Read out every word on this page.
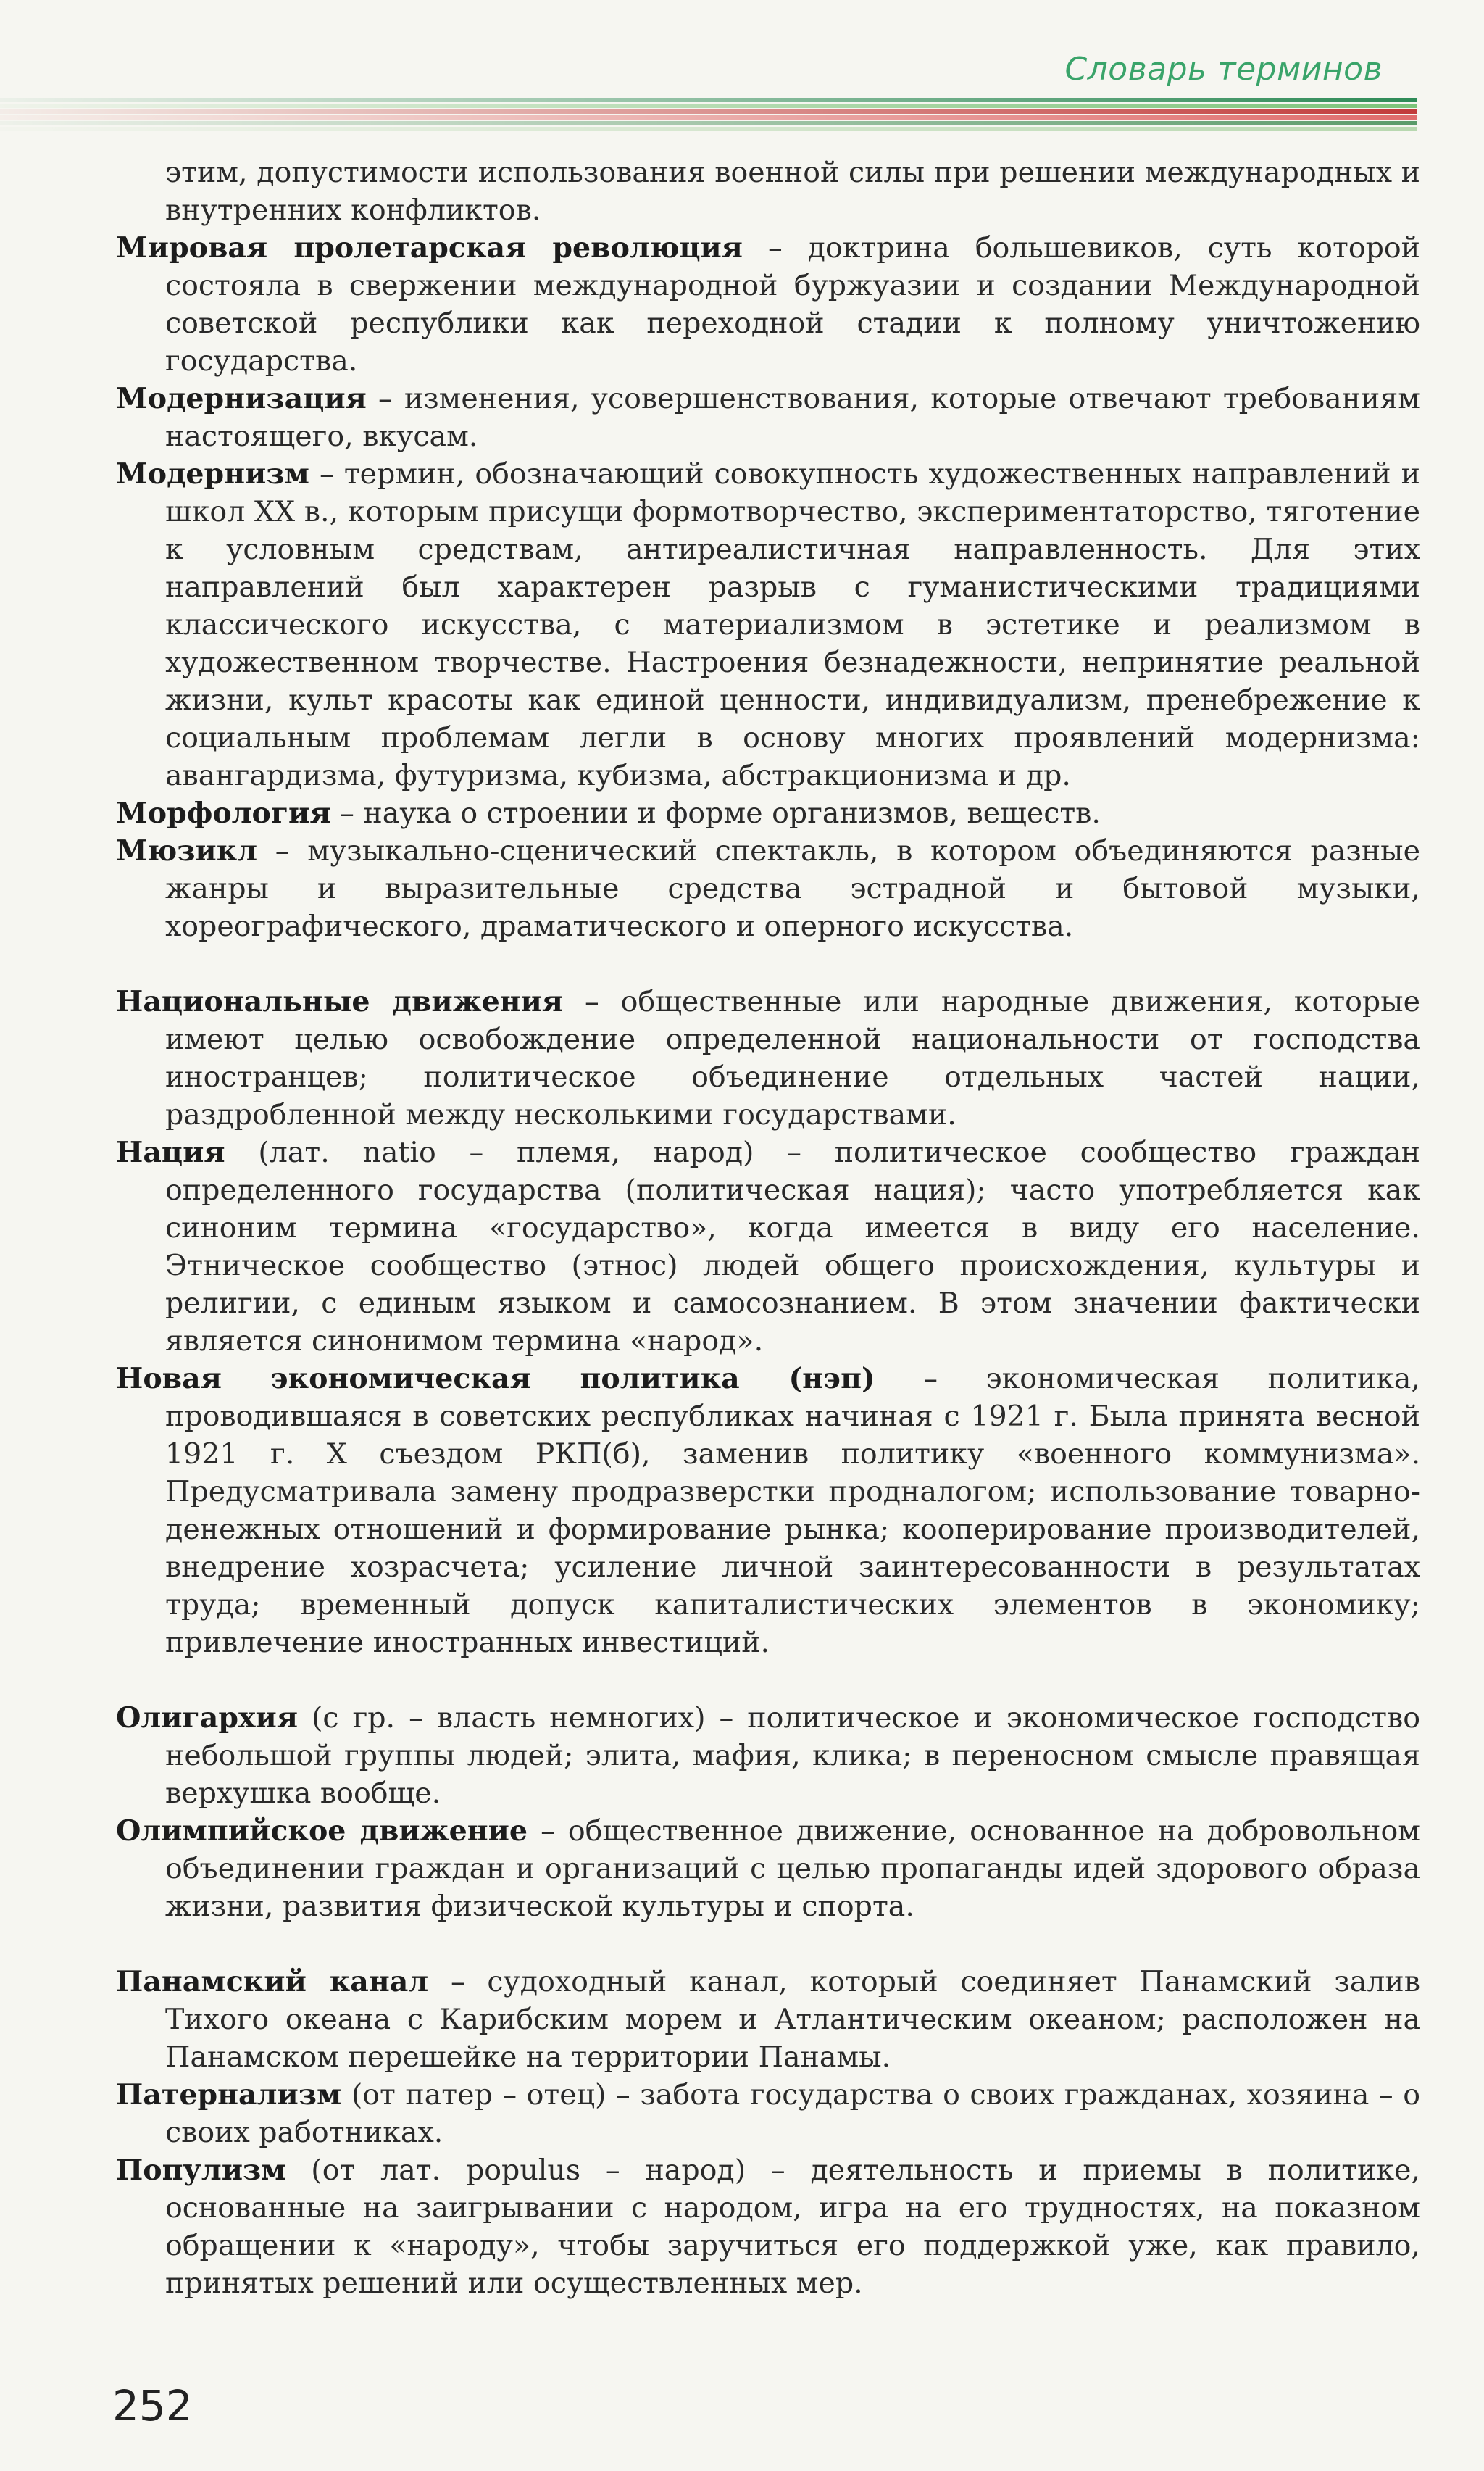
Словарь терминов

этим, допустимости использования военной силы при решении международных и внутренних конфликтов.

Мировая пролетарская революция – доктрина большевиков, суть которой состояла в свержении международной буржуазии и создании Международной советской республики как переходной стадии к полному уничтожению государства.

Модернизация – изменения, усовершенствования, которые отвечают требованиям настоящего, вкусам.

Модернизм – термин, обозначающий совокупность художественных направлений и школ XX в., которым присущи формотворчество, экспериментаторство, тяготение к условным средствам, антиреалистичная направленность. Для этих направлений был характерен разрыв с гуманистическими традициями классического искусства, с материализмом в эстетике и реализмом в художественном творчестве. Настроения безнадежности, непринятие реальной жизни, культ красоты как единой ценности, индивидуализм, пренебрежение к социальным проблемам легли в основу многих проявлений модернизма: авангардизма, футуризма, кубизма, абстракционизма и др.

Морфология – наука о строении и форме организмов, веществ.

Мюзикл – музыкально-сценический спектакль, в котором объединяются разные жанры и выразительные средства эстрадной и бытовой музыки, хореографического, драматического и оперного искусства.

Национальные движения – общественные или народные движения, которые имеют целью освобождение определенной национальности от господства иностранцев; политическое объединение отдельных частей нации, раздробленной между несколькими государствами.

Нация (лат. natio – племя, народ) – политическое сообщество граждан определенного государства (политическая нация); часто употребляется как синоним термина «государство», когда имеется в виду его население. Этническое сообщество (этнос) людей общего происхождения, культуры и религии, с единым языком и самосознанием. В этом значении фактически является синонимом термина «народ».

Новая экономическая политика (нэп) – экономическая политика, проводившаяся в советских республиках начиная с 1921 г. Была принята весной 1921 г. X съездом РКП(б), заменив политику «военного коммунизма». Предусматривала замену продразверстки продналогом; использование товарно-денежных отношений и формирование рынка; кооперирование производителей, внедрение хозрасчета; усиление личной заинтересованности в результатах труда; временный допуск капиталистических элементов в экономику; привлечение иностранных инвестиций.

Олигархия (с гр. – власть немногих) – политическое и экономическое господство небольшой группы людей; элита, мафия, клика; в переносном смысле правящая верхушка вообще.

Олимпийское движение – общественное движение, основанное на добровольном объединении граждан и организаций с целью пропаганды идей здорового образа жизни, развития физической культуры и спорта.

Панамский канал – судоходный канал, который соединяет Панамский залив Тихого океана с Карибским морем и Атлантическим океаном; расположен на Панамском перешейке на территории Панамы.

Патернализм (от патер – отец) – забота государства о своих гражданах, хозяина – о своих работниках.

Популизм (от лат. populus – народ) – деятельность и приемы в политике, основанные на заигрывании с народом, игра на его трудностях, на показном обращении к «народу», чтобы заручиться его поддержкой уже, как правило, принятых решений или осуществленных мер.

252
